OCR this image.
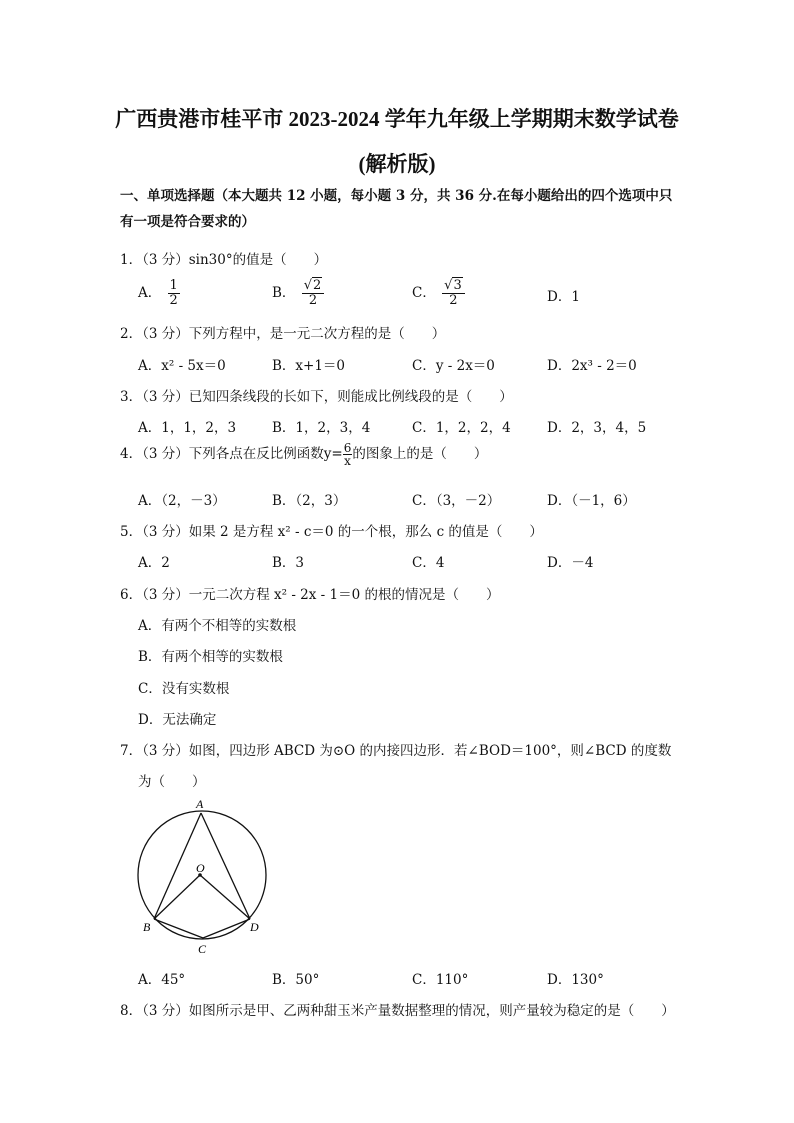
广西贵港市桂平市 2023-2024 学年九年级上学期期末数学试卷
(解析版)
一、单项选择题（本大题共 12 小题，每小题 3 分，共 36 分.在每小题给出的四个选项中只有一项是符合要求的）
1．（3 分）sin30°的值是（　　）
A． $\frac{1}{2}$	B． $\frac{√2}{2}$	C． $\frac{√3}{2}$	D．1
2．（3 分）下列方程中，是一元二次方程的是（　　）
A．x² - 5x＝0	B．x+1＝0	C．y - 2x＝0	D．2x³ - 2＝0
3．（3 分）已知四条线段的长如下，则能成比例线段的是（　　）
A．1，1，2，3	B．1，2，3，4	C．1，2，2，4	D．2，3，4，5
4．（3 分）下列各点在反比例函数$y= \frac{6}{x}$ 的图象上的是（　　）
A．（2，－3）	B．（2，3）	C．（3，－2）	D．（－1，6）
5．（3 分）如果 2 是方程 x² - c＝0 的一个根，那么 c 的值是（　　）
A．2	B．3	C．4	D．－4
6．（3 分）一元二次方程 x² - 2x - 1＝0 的根的情况是（　　）
A．有两个不相等的实数根
B．有两个相等的实数根
C．没有实数根
D．无法确定
7．（3 分）如图，四边形 ABCD 为⊙O 的内接四边形．若∠BOD＝100°，则∠BCD 的度数
为（　　）
A
O
B
C
D
A．45°	B．50°	C．110°	D．130°
8．（3 分）如图所示是甲、乙两种甜玉米产量数据整理的情况，则产量较为稳定的是（　　）
